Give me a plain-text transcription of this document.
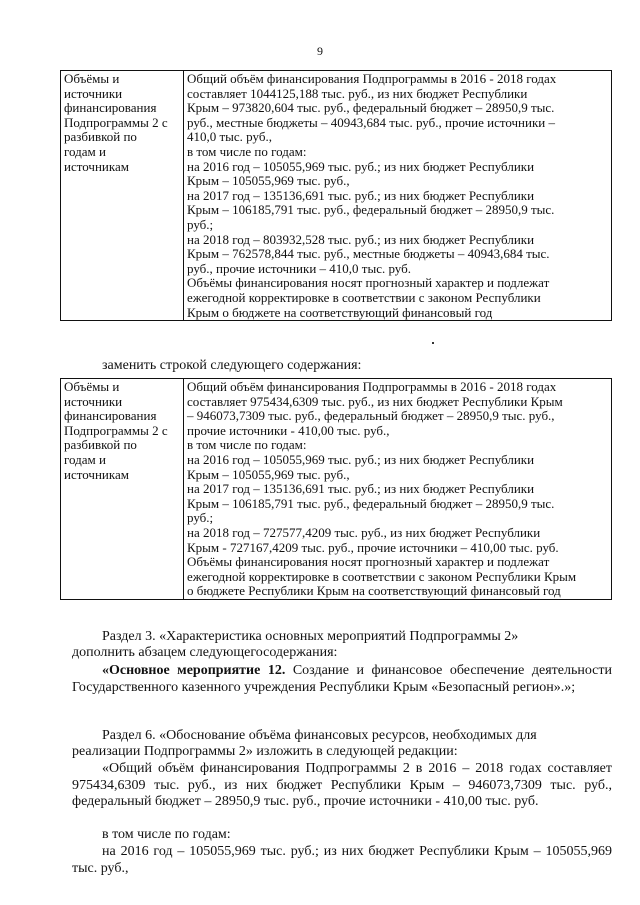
9
Объёмы и
источники
финансирования
Подпрограммы 2 с
разбивкой по
годам и
источникам

Общий объём финансирования Подпрограммы в 2016 - 2018 годах
составляет 1044125,188 тыс. руб., из них бюджет Республики
Крым – 973820,604 тыс. руб., федеральный бюджет – 28950,9 тыс.
руб., местные бюджеты – 40943,684 тыс. руб., прочие источники –
410,0 тыс. руб.,
в том числе по годам:
на 2016 год – 105055,969 тыс. руб.; из них бюджет Республики
Крым – 105055,969 тыс. руб.,
на 2017 год – 135136,691 тыс. руб.; из них бюджет Республики
Крым – 106185,791 тыс. руб., федеральный бюджет – 28950,9 тыс.
руб.;
на 2018 год – 803932,528 тыс. руб.; из них бюджет Республики
Крым – 762578,844 тыс. руб., местные бюджеты – 40943,684 тыс.
руб., прочие источники – 410,0 тыс. руб.
Объёмы финансирования носят прогнозный характер и подлежат
ежегодной корректировке в соответствии с законом Республики
Крым о бюджете на соответствующий финансовый год

заменить строкой следующего содержания:

Объёмы и
источники
финансирования
Подпрограммы 2 с
разбивкой по
годам и
источникам

Общий объём финансирования Подпрограммы в 2016 - 2018 годах
составляет 975434,6309 тыс. руб., из них бюджет Республики Крым
– 946073,7309 тыс. руб., федеральный бюджет – 28950,9 тыс. руб.,
прочие источники - 410,00 тыс. руб.,
в том числе по годам:
на 2016 год – 105055,969 тыс. руб.; из них бюджет Республики
Крым – 105055,969 тыс. руб.,
на 2017 год – 135136,691 тыс. руб.; из них бюджет Республики
Крым – 106185,791 тыс. руб., федеральный бюджет – 28950,9 тыс.
руб.;
на 2018 год – 727577,4209 тыс. руб., из них бюджет Республики
Крым - 727167,4209 тыс. руб., прочие источники – 410,00 тыс. руб.
Объёмы финансирования носят прогнозный характер и подлежат
ежегодной корректировке в соответствии с законом Республики Крым
о бюджете Республики Крым на соответствующий финансовый год

Раздел 3. «Характеристика основных мероприятий Подпрограммы 2»

дополнить абзацем следующегосодержания:

«Основное мероприятие 12. Создание и финансовое обеспечение деятельности Государственного казенного учреждения Республики Крым «Безопасный регион».»;

Раздел 6. «Обоснование объёма финансовых ресурсов, необходимых для

реализации Подпрограммы 2» изложить в следующей редакции:

«Общий объём финансирования Подпрограммы 2 в 2016 – 2018 годах составляет 975434,6309 тыс. руб., из них бюджет Республики Крым – 946073,7309 тыс. руб., федеральный бюджет – 28950,9 тыс. руб., прочие источники - 410,00 тыс. руб.

в том числе по годам:

на 2016 год – 105055,969 тыс. руб.; из них бюджет Республики Крым – 105055,969 тыс. руб.,
